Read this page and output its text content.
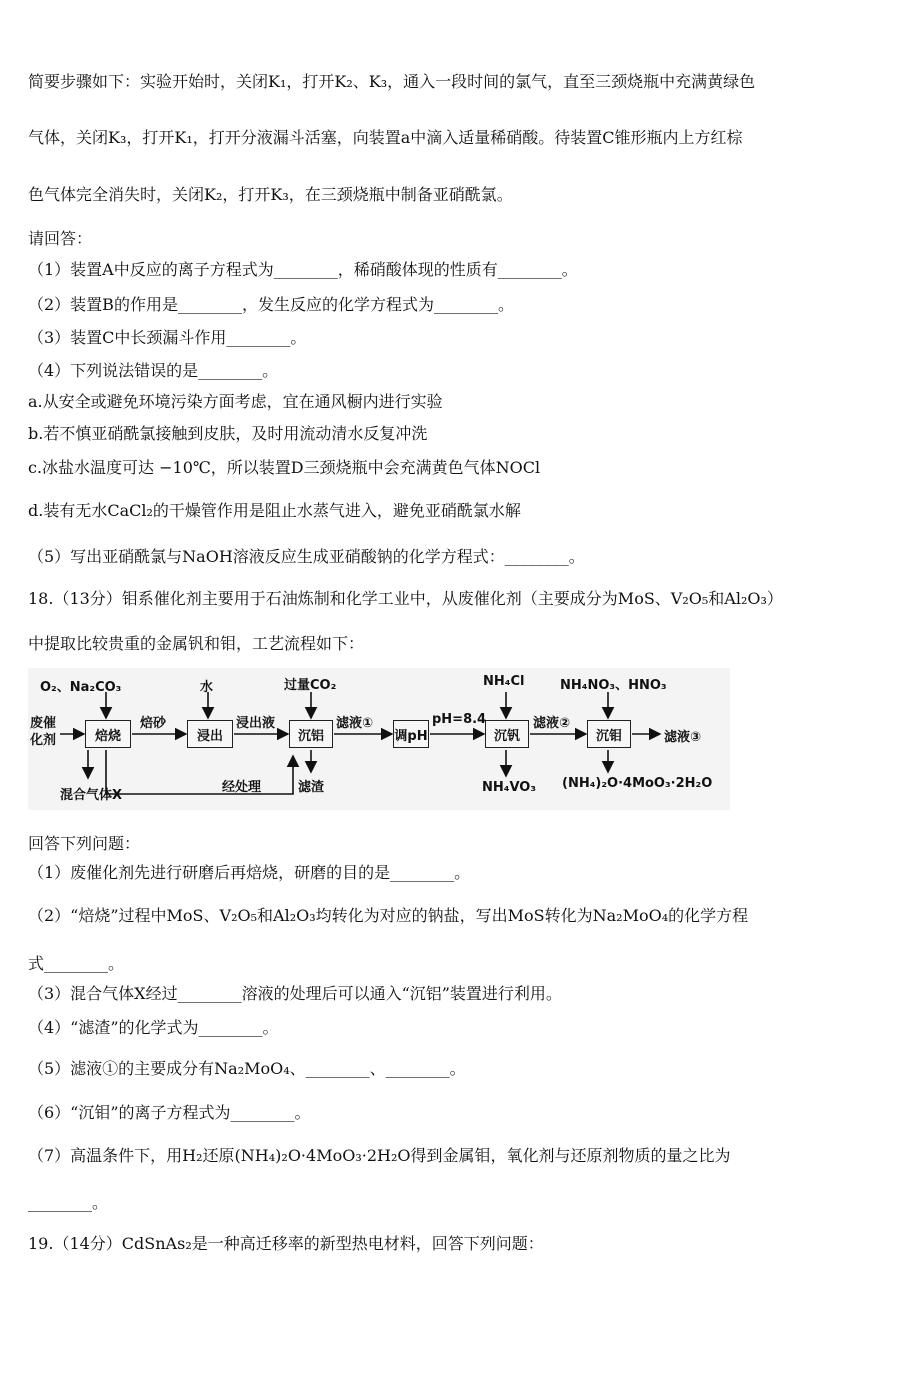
简要步骤如下：实验开始时，关闭K₁，打开K₂、K₃，通入一段时间的氯气，直至三颈烧瓶中充满黄绿色
气体，关闭K₃，打开K₁，打开分液漏斗活塞，向装置a中滴入适量稀硝酸。待装置C锥形瓶内上方红棕
色气体完全消失时，关闭K₂，打开K₃，在三颈烧瓶中制备亚硝酰氯。
请回答：
（1）装置A中反应的离子方程式为________，稀硝酸体现的性质有________。
（2）装置B的作用是________，发生反应的化学方程式为________。
（3）装置C中长颈漏斗作用________。
（4）下列说法错误的是________。
a.从安全或避免环境污染方面考虑，宜在通风橱内进行实验
b.若不慎亚硝酰氯接触到皮肤，及时用流动清水反复冲洗
c.冰盐水温度可达 −10℃，所以装置D三颈烧瓶中会充满黄色气体NOCl
d.装有无水CaCl₂的干燥管作用是阻止水蒸气进入，避免亚硝酰氯水解
（5）写出亚硝酰氯与NaOH溶液反应生成亚硝酸钠的化学方程式：________。
18.（13分）钼系催化剂主要用于石油炼制和化学工业中，从废催化剂（主要成分为MoS、V₂O₅和Al₂O₃）
中提取比较贵重的金属钒和钼，工艺流程如下：
O₂、Na₂CO₃	水	过量CO₂	NH₄Cl	NH₄NO₃、HNO₃
废催化剂	焙烧	浸出	沉铝	调pH	沉钒	沉钼
焙砂	浸出液	滤液①	pH=8.4	滤液②
滤液③
混合气体X
经处理	滤渣	NH₄VO₃ (NH₄)₂O·4MoO₃·2H₂O
回答下列问题：
（1）废催化剂先进行研磨后再焙烧，研磨的目的是________。
（2）“焙烧”过程中MoS、V₂O₅和Al₂O₃均转化为对应的钠盐，写出MoS转化为Na₂MoO₄的化学方程
式________。
（3）混合气体X经过________溶液的处理后可以通入“沉铝”装置进行利用。
（4）“滤渣”的化学式为________。
（5）滤液①的主要成分有Na₂MoO₄、________、________。
（6）“沉钼”的离子方程式为________。
（7）高温条件下，用H₂还原(NH₄)₂O·4MoO₃·2H₂O得到金属钼，氧化剂与还原剂物质的量之比为
________。
19.（14分）CdSnAs₂是一种高迁移率的新型热电材料，回答下列问题：
